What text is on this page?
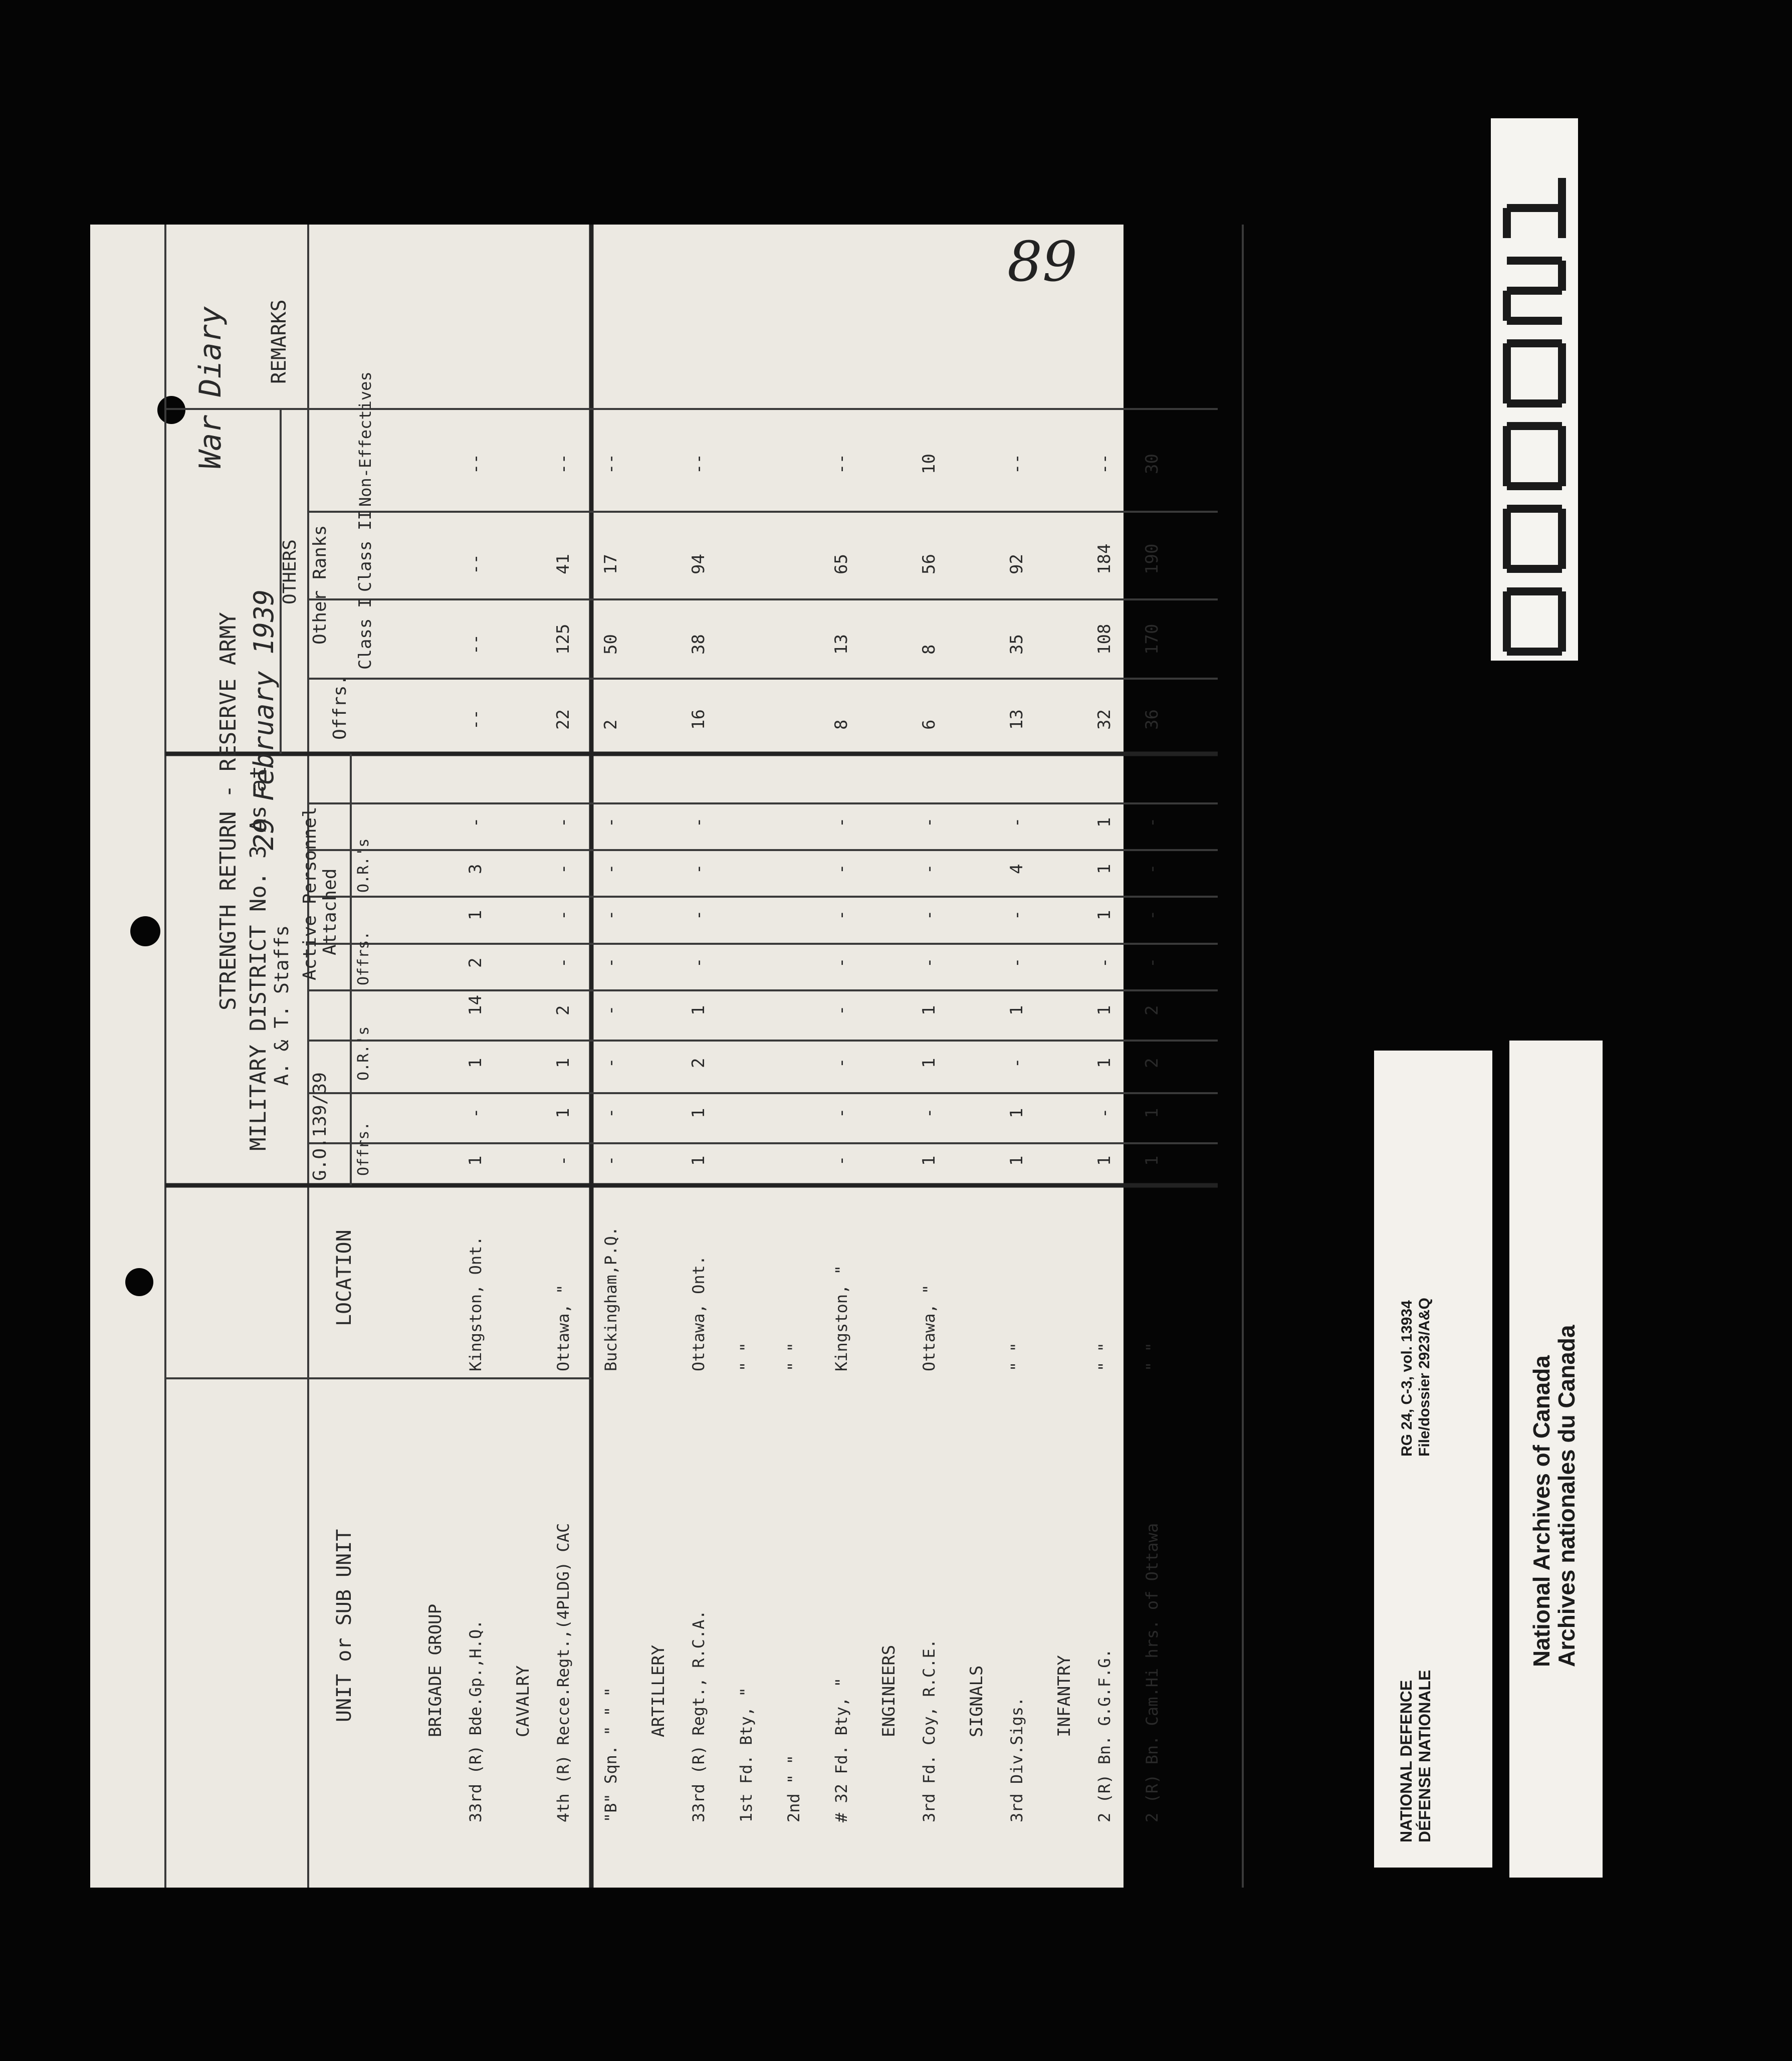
STRENGTH RETURN - RESERVE ARMY MILITARY DISTRICT No. 3 As at
29 February 1939
War Diary
UNIT or SUB UNIT
LOCATION
G.O.139/39
A. & T. Staffs
Active Personnel Attached
OTHERS Other Ranks
Offrs.
Class I
Class II
Non-Effectives
REMARKS
Offrs.
O.R.'s
Offrs.
O.R.'s
BRIGADE GROUP 33rd (R) Bde.Gp.,H.Q.
Kingston, Ont.
1
-
1
14
2
1
3
-
--
--
--
--
CAVALRY 4th (R) Recce.Regt.,(4PLDG) CAC
Ottawa, "
-
1
1
2
-
-
-
-
22
125
41
--
"B" Sqn. " " "
Buckingham,P.Q.
-
-
-
-
-
-
-
-
2
50
17
--
ARTILLERY 33rd (R) Regt., R.C.A.
Ottawa, Ont.
1
1
2
1
-
-
-
-
16
38
94
--
1st Fd. Bty, "
" "
2nd " "
" "
# 32 Fd. Bty, "
Kingston, "
-
-
-
-
-
-
-
-
8
13
65
--
ENGINEERS 3rd Fd. Coy, R.C.E.
Ottawa, "
1
-
1
1
-
-
-
-
6
8
56
10
SIGNALS 3rd Div.Sigs.
" "
1
1
-
1
-
-
4
-
13
35
92
--
INFANTRY 2 (R) Bn. G.G.F.G.
" "
1
-
1
1
-
1
1
1
32
108
184
--
2 (R) Bn. Cam.Hi hrs. of Ottawa
" "
1
1
2
2
-
-
-
-
36
170
190
30
89
NATIONAL DEFENCE DÉFENSE NATIONALE
RG 24, C-3, vol. 13934 File/dossier 2923/A&Q	National Archives of Canada
Archives nationales du Canada
